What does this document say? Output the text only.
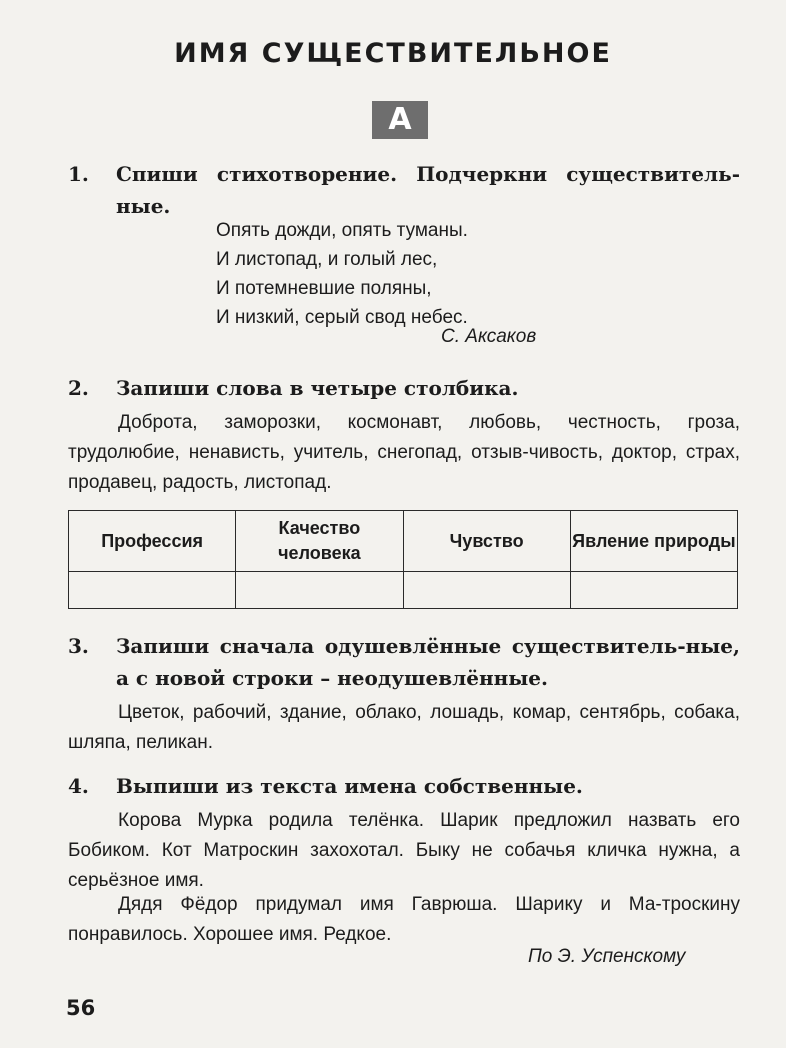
ИМЯ СУЩЕСТВИТЕЛЬНОЕ
А
1. Спиши стихотворение. Подчеркни существитель-ные.
Опять дожди, опять туманы.
И листопад, и голый лес,
И потемневшие поляны,
И низкий, серый свод небес.
С. Аксаков
2. Запиши слова в четыре столбика.
Доброта, заморозки, космонавт, любовь, честность, гроза, трудолюбие, ненависть, учитель, снегопад, отзыв-чивость, доктор, страх, продавец, радость, листопад.
Профессия	Качество человека	Чувство	Явление природы

3. Запиши сначала одушевлённые существитель-ные, а с новой строки – неодушевлённые.
Цветок, рабочий, здание, облако, лошадь, комар, сентябрь, собака, шляпа, пеликан.
4. Выпиши из текста имена собственные.
Корова Мурка родила телёнка. Шарик предложил назвать его Бобиком. Кот Матроскин захохотал. Быку не собачья кличка нужна, а серьёзное имя.
Дядя Фёдор придумал имя Гаврюша. Шарику и Ма-троскину понравилось. Хорошее имя. Редкое.
По Э. Успенскому
56
